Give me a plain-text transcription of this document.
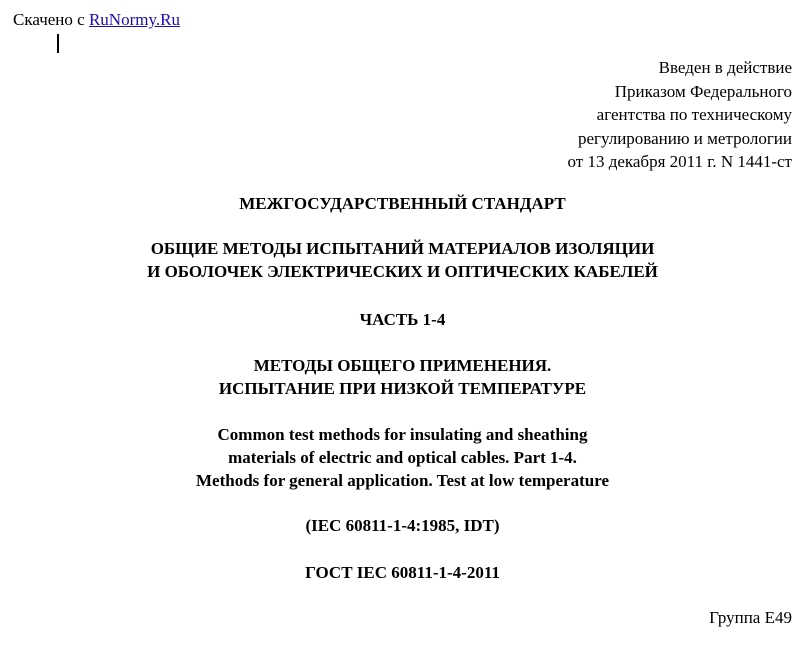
Скачено с RuNormy.Ru
Введен в действие
Приказом Федерального
агентства по техническому
регулированию и метрологии
от 13 декабря 2011 г. N 1441-ст
МЕЖГОСУДАРСТВЕННЫЙ СТАНДАРТ
ОБЩИЕ МЕТОДЫ ИСПЫТАНИЙ МАТЕРИАЛОВ ИЗОЛЯЦИИ
И ОБОЛОЧЕК ЭЛЕКТРИЧЕСКИХ И ОПТИЧЕСКИХ КАБЕЛЕЙ
ЧАСТЬ 1-4
МЕТОДЫ ОБЩЕГО ПРИМЕНЕНИЯ.
ИСПЫТАНИЕ ПРИ НИЗКОЙ ТЕМПЕРАТУРЕ
Common test methods for insulating and sheathing
materials of electric and optical cables. Part 1-4.
Methods for general application. Test at low temperature
(IEC 60811-1-4:1985, IDT)
ГОСТ IEC 60811-1-4-2011
Группа Е49
